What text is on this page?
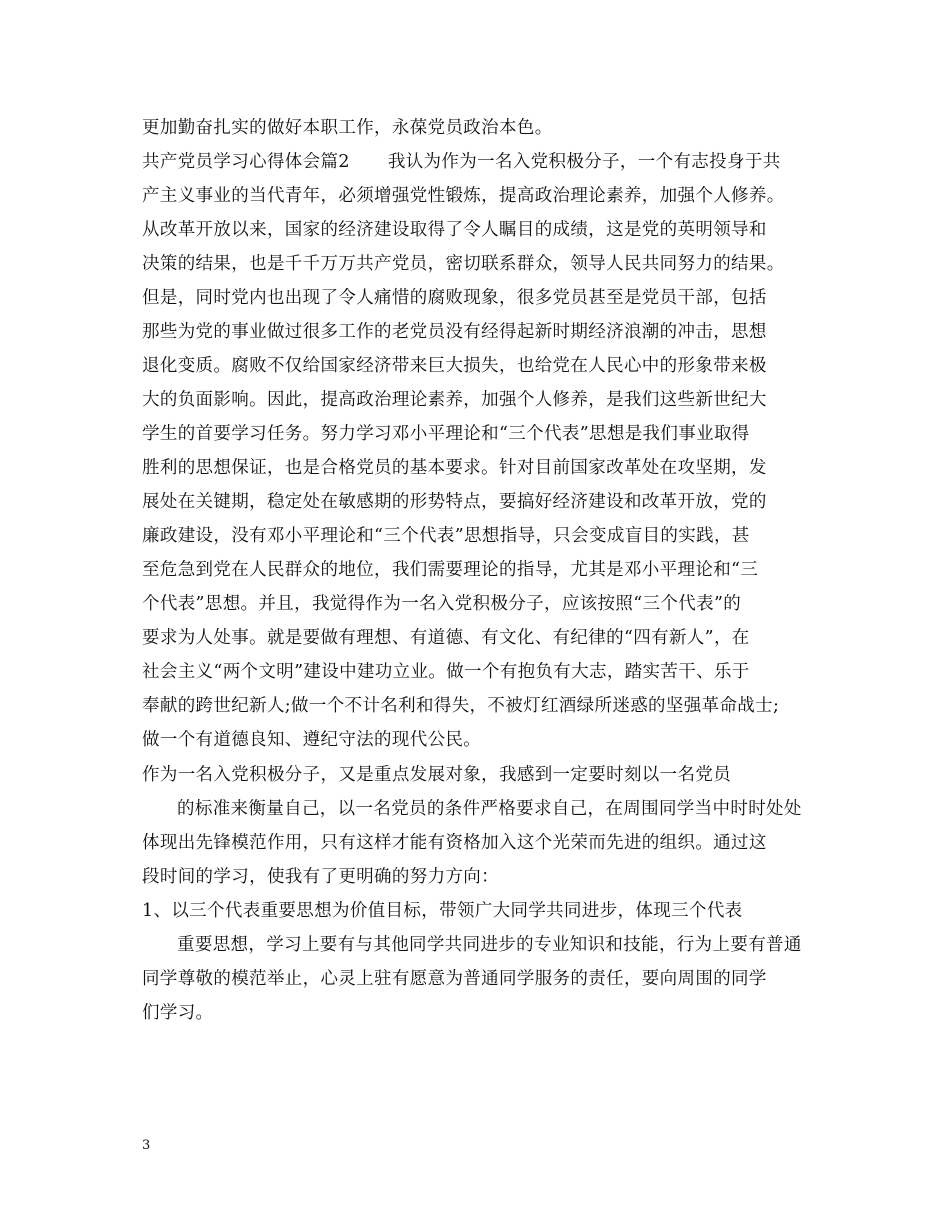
更加勤奋扎实的做好本职工作，永葆党员政治本色。
共产党员学习心得体会篇2 我认为作为一名入党积极分子，一个有志投身于共
产主义事业的当代青年，必须增强党性锻炼，提高政治理论素养，加强个人修养。
从改革开放以来，国家的经济建设取得了令人瞩目的成绩，这是党的英明领导和
决策的结果，也是千千万万共产党员，密切联系群众，领导人民共同努力的结果。
但是，同时党内也出现了令人痛惜的腐败现象，很多党员甚至是党员干部，包括
那些为党的事业做过很多工作的老党员没有经得起新时期经济浪潮的冲击，思想
退化变质。腐败不仅给国家经济带来巨大损失，也给党在人民心中的形象带来极
大的负面影响。因此，提高政治理论素养，加强个人修养，是我们这些新世纪大
学生的首要学习任务。努力学习邓小平理论和“三个代表”思想是我们事业取得
胜利的思想保证，也是合格党员的基本要求。针对目前国家改革处在攻坚期，发
展处在关键期，稳定处在敏感期的形势特点，要搞好经济建设和改革开放，党的
廉政建设，没有邓小平理论和“三个代表”思想指导，只会变成盲目的实践，甚
至危急到党在人民群众的地位，我们需要理论的指导，尤其是邓小平理论和“三
个代表”思想。并且，我觉得作为一名入党积极分子，应该按照“三个代表”的
要求为人处事。就是要做有理想、有道德、有文化、有纪律的“四有新人”，在
社会主义“两个文明”建设中建功立业。做一个有抱负有大志，踏实苦干、乐于
奉献的跨世纪新人;做一个不计名利和得失，不被灯红酒绿所迷惑的坚强革命战士;
做一个有道德良知、遵纪守法的现代公民。
作为一名入党积极分子，又是重点发展对象，我感到一定要时刻以一名党员
的标准来衡量自己，以一名党员的条件严格要求自己，在周围同学当中时时处处
体现出先锋模范作用，只有这样才能有资格加入这个光荣而先进的组织。通过这
段时间的学习，使我有了更明确的努力方向：
1、以三个代表重要思想为价值目标，带领广大同学共同进步，体现三个代表
重要思想，学习上要有与其他同学共同进步的专业知识和技能，行为上要有普通
同学尊敬的模范举止，心灵上驻有愿意为普通同学服务的责任，要向周围的同学
们学习。
3
